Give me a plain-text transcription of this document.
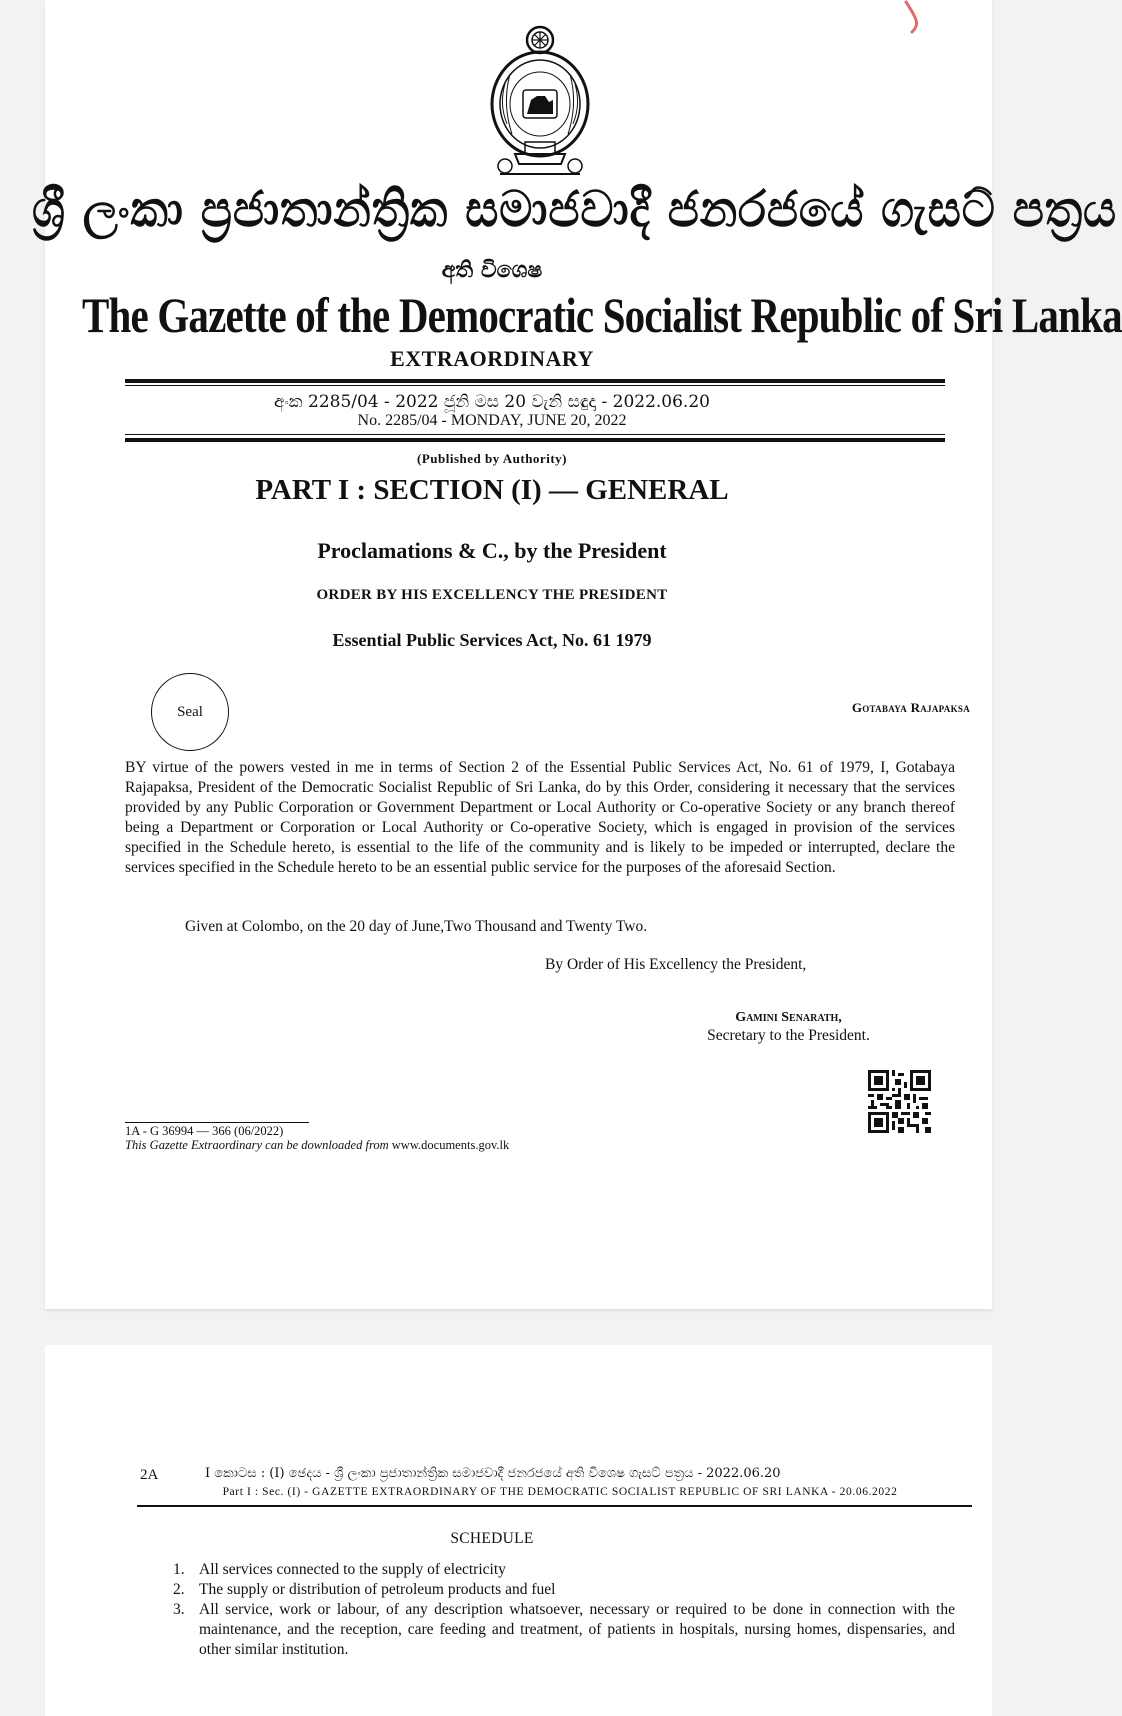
ශ්‍රී ලංකා ප්‍රජාතාන්ත්‍රික සමාජවාදී ජනරජයේ ගැසට් පත්‍රය
අති විශෙෂ
The Gazette of the Democratic Socialist Republic of Sri Lanka
EXTRAORDINARY
අංක 2285/04 - 2022 ජූනි මස 20 වැනි සඳුදා - 2022.06.20
No. 2285/04 - MONDAY, JUNE 20, 2022
(Published by Authority)
PART I : SECTION (I) — GENERAL
Proclamations & C., by the President
ORDER BY HIS EXCELLENCY THE PRESIDENT
Essential Public Services Act, No. 61 1979
Seal	Gotabaya Rajapaksa
BY virtue of the powers vested in me in terms of Section 2 of the Essential Public Services Act, No. 61 of 1979, I, Gotabaya Rajapaksa, President of the Democratic Socialist Republic of Sri Lanka, do by this Order, considering it necessary that the services provided by any Public Corporation or Government Department or Local Authority or Co-operative Society or any branch thereof being a Department or Corporation or Local Authority or Co-operative Society, which is engaged in provision of the services specified in the Schedule hereto, is essential to the life of the community and is likely to be impeded or interrupted, declare the services specified in the Schedule hereto to be an essential public service for the purposes of the aforesaid Section.
Given at Colombo, on the 20 day of June,Two Thousand and Twenty Two.
By Order of His Excellency the President,
Gamini Senarath,
Secretary to the President.
1A - G 36994 — 366 (06/2022)
This Gazette Extraordinary can be downloaded from www.documents.gov.lk
2A	I කොටස : (I) ඡෙදය - ශ්‍රී ලංකා ප්‍රජාතාන්ත්‍රික සමාජවාදී ජනරජයේ අති විශෙෂ ගැසට් පත්‍රය - 2022.06.20
Part I : Sec. (I) - GAZETTE EXTRAORDINARY OF THE DEMOCRATIC SOCIALIST REPUBLIC OF SRI LANKA - 20.06.2022
SCHEDULE
1. All services connected to the supply of electricity
2. The supply or distribution of petroleum products and fuel
3. All service, work or labour, of any description whatsoever, necessary or required to be done in connection with the maintenance, and the reception, care feeding and treatment, of patients in hospitals, nursing homes, dispensaries, and other similar institution.
